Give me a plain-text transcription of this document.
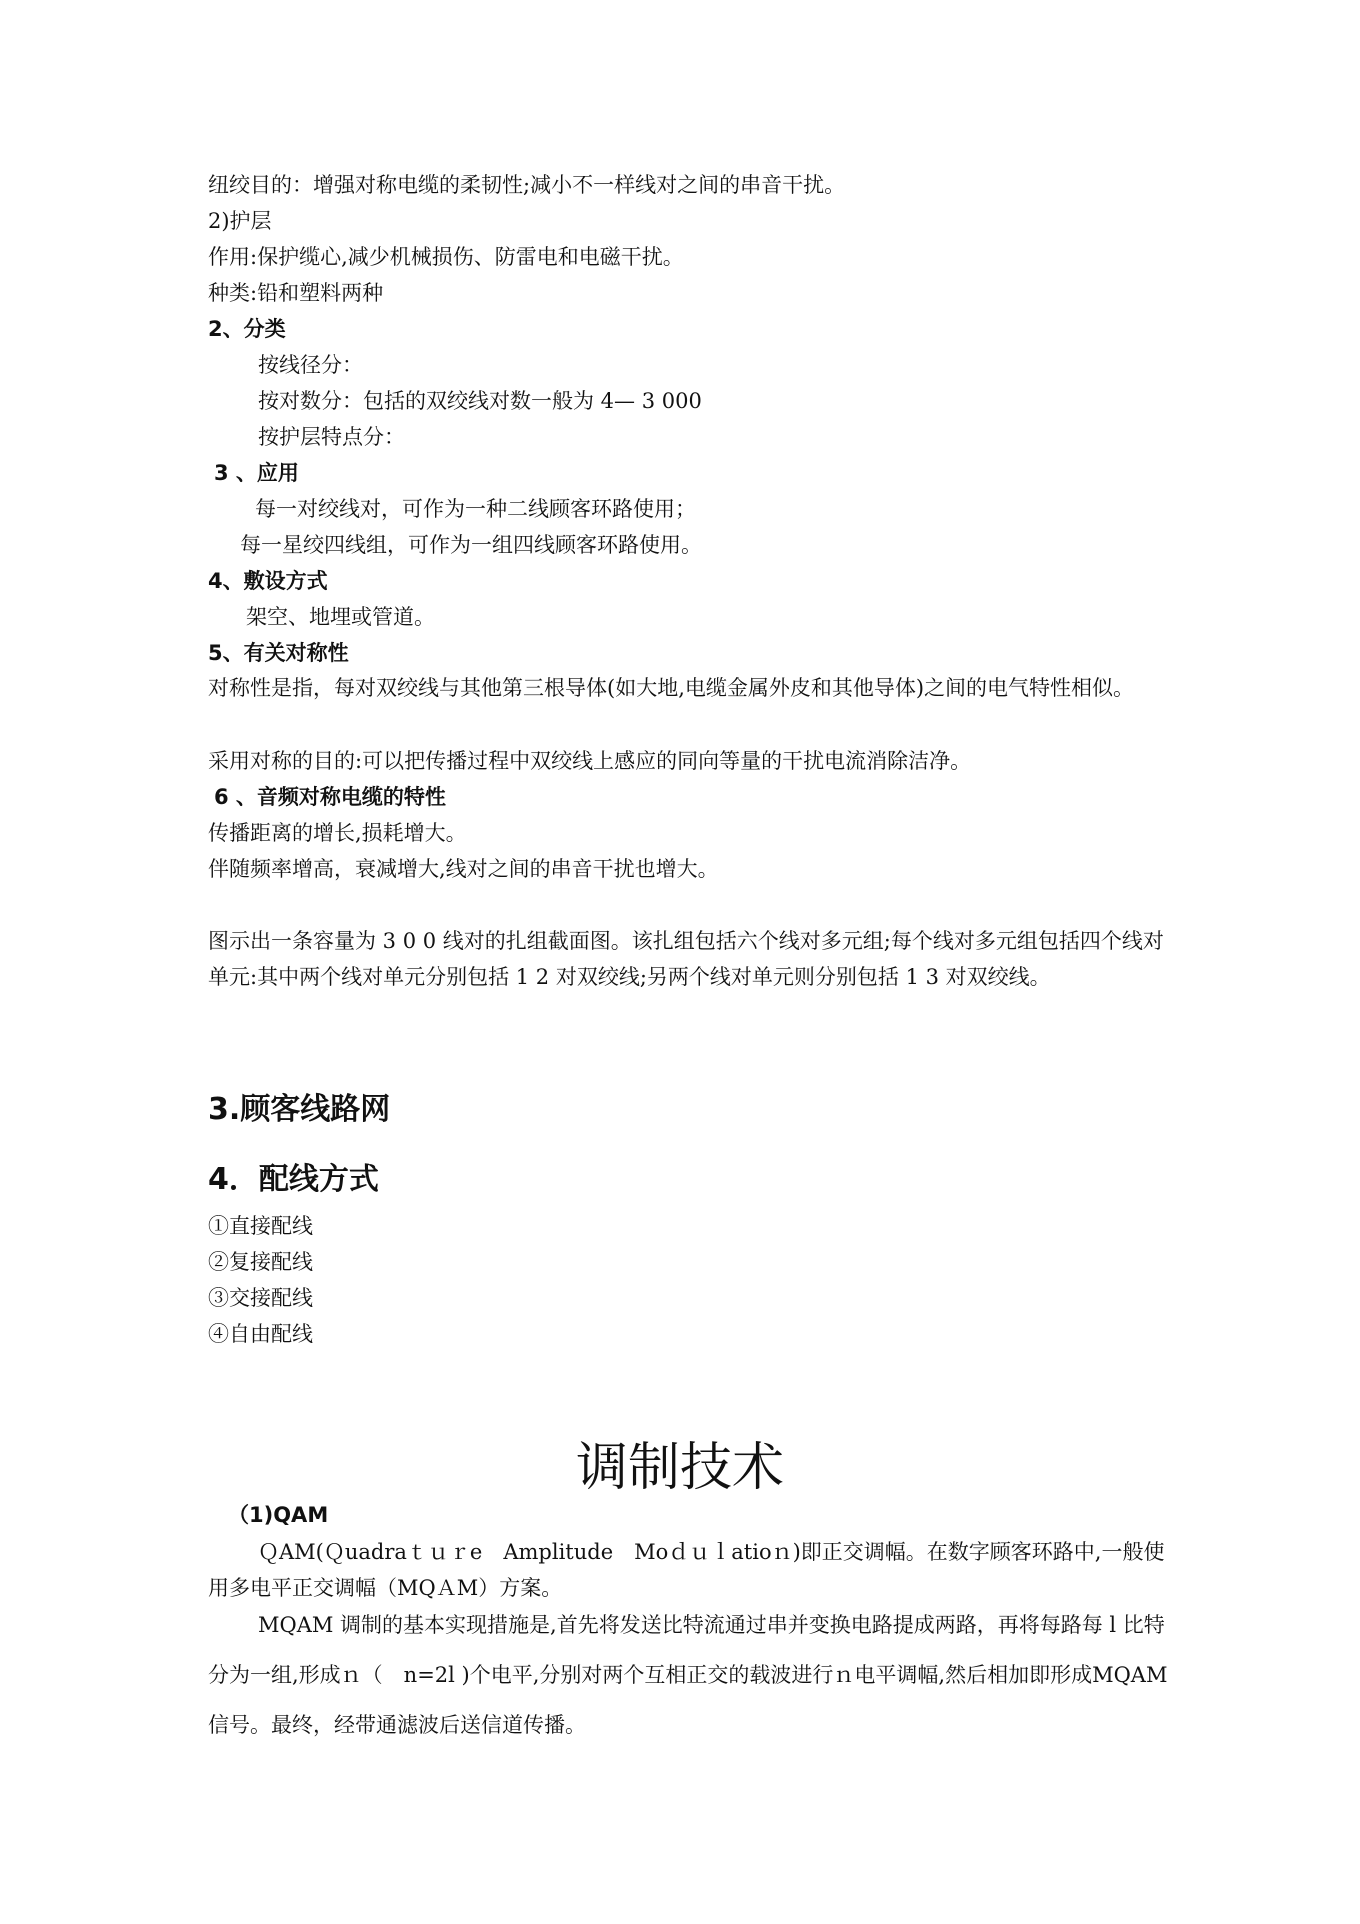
纽绞目的：增强对称电缆的柔韧性;减小不一样线对之间的串音干扰。
2)护层
作用:保护缆心,减少机械损伤、防雷电和电磁干扰。
种类:铅和塑料两种
2、分类
按线径分：
按对数分：包括的双绞线对数一般为 4— 3 000
按护层特点分：
3 、应用
每一对绞线对，可作为一种二线顾客环路使用；
每一星绞四线组，可作为一组四线顾客环路使用。
4、敷设方式
架空、地埋或管道。
5、有关对称性
对称性是指，每对双绞线与其他第三根导体(如大地,电缆金属外皮和其他导体)之间的电气特性相似。
采用对称的目的:可以把传播过程中双绞线上感应的同向等量的干扰电流消除洁净。
6 、音频对称电缆的特性
传播距离的增长,损耗增大。
伴随频率增高，衰减增大,线对之间的串音干扰也增大。
图示出一条容量为 3 0 0 线对的扎组截面图。该扎组包括六个线对多元组;每个线对多元组包括四个线对单元:其中两个线对单元分别包括 1 2 对双绞线;另两个线对单元则分别包括 1 3 对双绞线。
3.顾客线路网
4．配线方式
①直接配线
②复接配线
③交接配线
④自由配线
调制技术
（1)QAM
ＱAM(Ｑuadraｔｕｒe　Amplitude　Moｄｕｌatioｎ)即正交调幅。在数字顾客环路中,一般使用多电平正交调幅（MQＡM）方案。
MQAM 调制的基本实现措施是,首先将发送比特流通过串并变换电路提成两路，再将每路每 l 比特分为一组,形成ｎ（　n=2l )个电平,分别对两个互相正交的载波进行ｎ电平调幅,然后相加即形成MQAM 信号。最终，经带通滤波后送信道传播。
